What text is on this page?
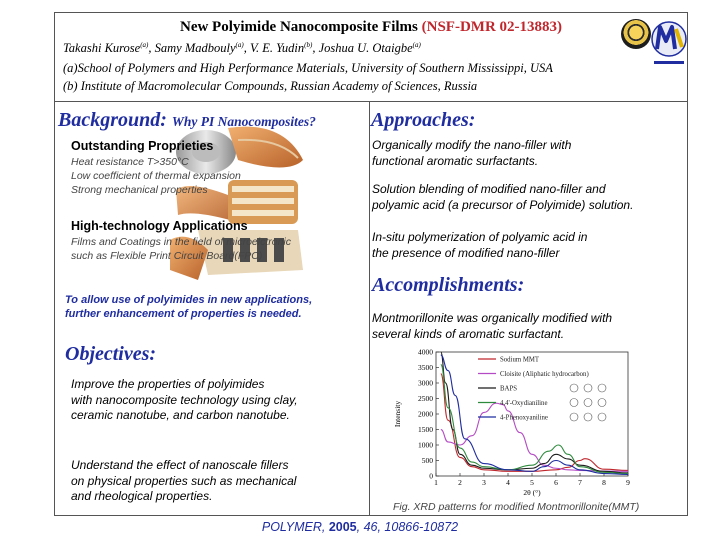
New Polyimide Nanocomposite Films (NSF-DMR 02-13883)
Takashi Kurose$^{(a)}$, Samy Madbouly$^{(a)}$, V. E. Yudin$^{(b)}$, Joshua U. Otaigbe$^{(a)}$
(a)School of Polymers and High Performance Materials, University of Southern Mississippi, USA
(b) Institute of Macromolecular Compounds, Russian Academy of Sciences, Russia
Background: Why PI Nanocomposites?
Outstanding Proprieties
Heat resistance T>350°C
Low coefficient of thermal expansion
Strong mechanical properties
High-technology Applications
Films and Coatings in the field of microelctronic
such as Flexible Print Circuit Board(FPC)
To allow use of polyimides in new applications,
further enhancement of properties is needed.
Objectives:
Improve the properties of polyimides
with nanocomposite technology using clay,
ceramic nanotube, and carbon nanotube.
Understand the effect of nanoscale fillers
on physical properties such as mechanical
and rheological properties.
Approaches:
Organically modify the nano-filler with
functional aromatic surfactants.
Solution blending of modified nano-filler and
polyamic acid (a precursor of Polyimide) solution.
In-situ polymerization of polyamic acid in
the presence of modified nano-filler
Accomplishments:
Montmorillonite was organically modified with
several kinds of aromatic surfactant.
0
500
1000
1500
2000
2500
3000
3500
4000
1	2	3	4	5	6	7	8	9
2θ (°)
Intensity
Sodium MMT
Cloisite (Aliphatic hydrocarbon)
BAPS
4,4'-Oxydianiline
4-Phenoxyaniline
Fig. XRD patterns for modified Montmorillonite(MMT)
POLYMER, 2005, 46, 10866-10872
